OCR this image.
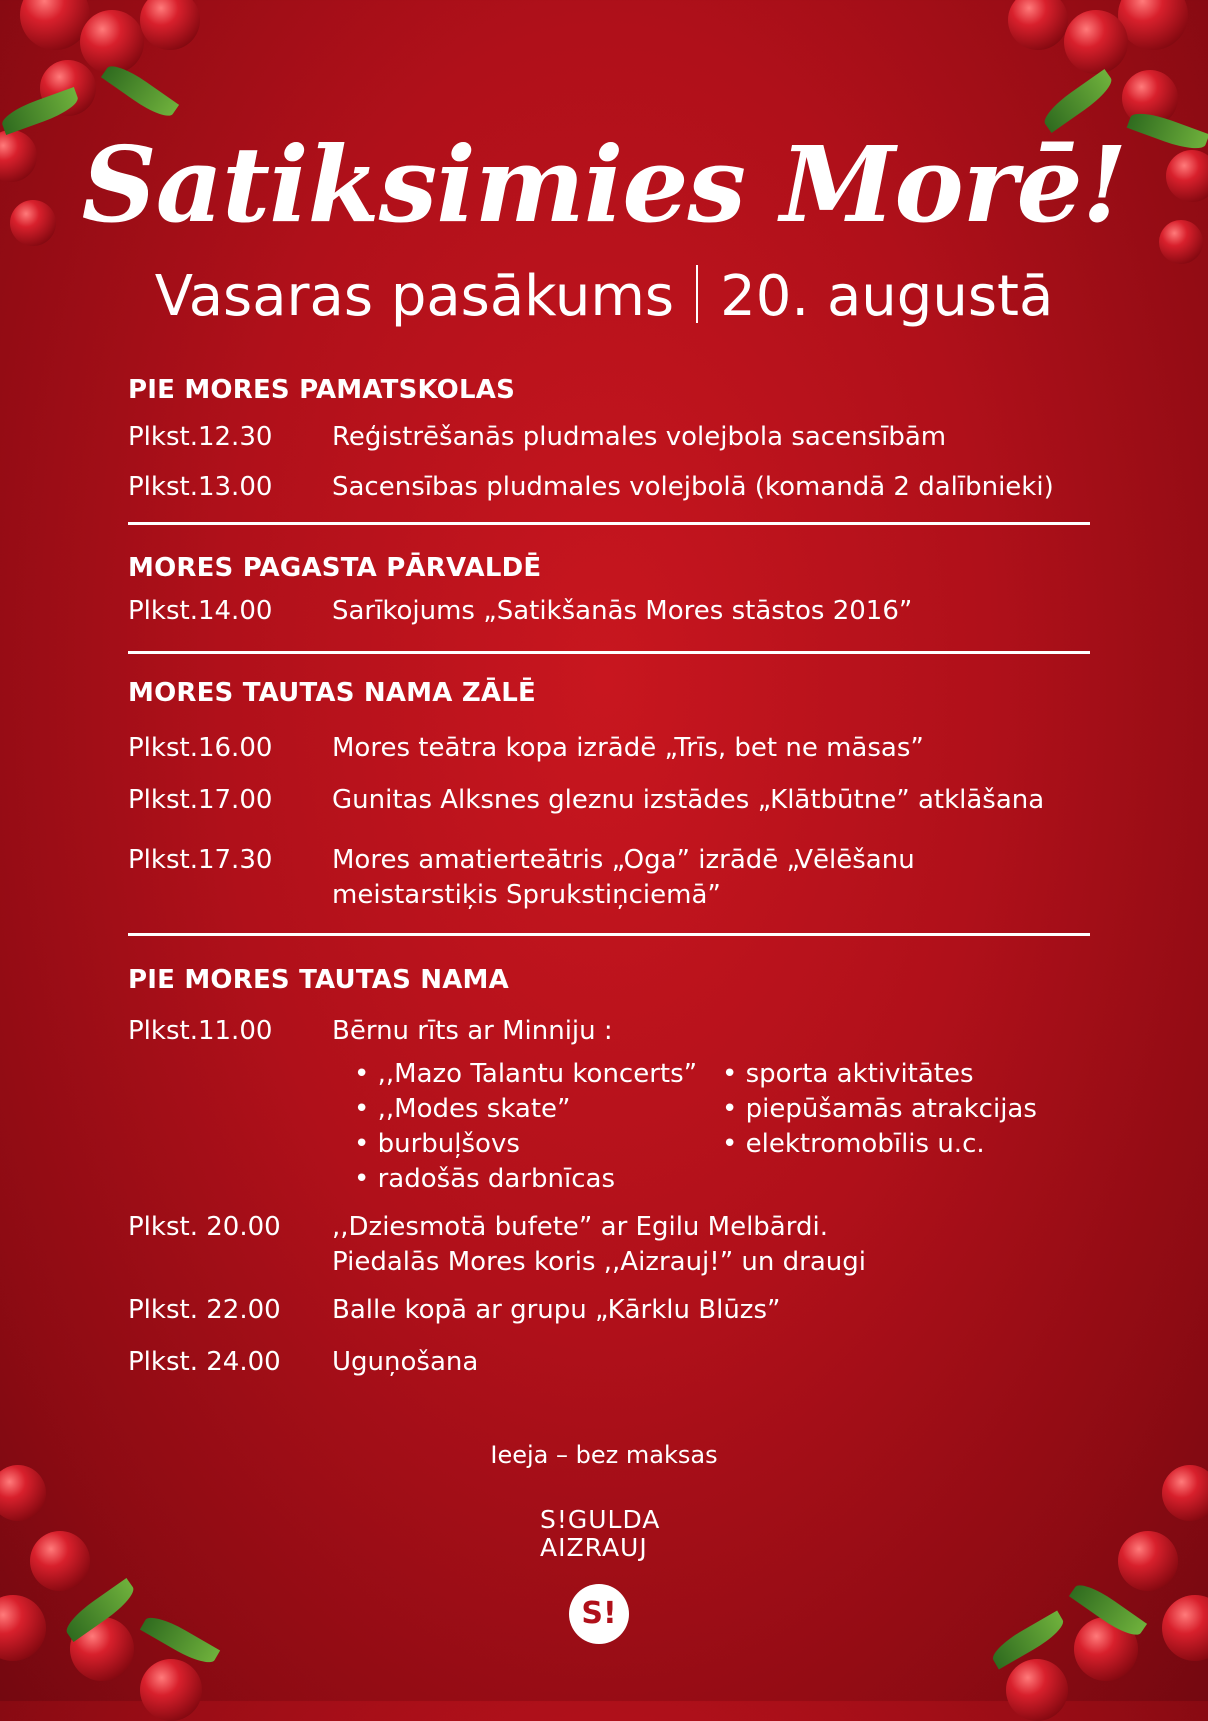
Satiksimies Morē!
Vasaras pasākums 20. augustā
PIE MORES PAMATSKOLAS
Plkst.12.30	Reģistrēšanās pludmales volejbola sacensībām
Plkst.13.00	Sacensības pludmales volejbolā (komandā 2 dalībnieki)
MORES PAGASTA PĀRVALDĒ
Plkst.14.00	Sarīkojums „Satikšanās Mores stāstos 2016”
MORES TAUTAS NAMA ZĀLĒ
Plkst.16.00	Mores teātra kopa izrādē „Trīs, bet ne māsas”
Plkst.17.00	Gunitas Alksnes gleznu izstādes „Klātbūtne” atklāšana
Plkst.17.30	Mores amatierteātris „Oga” izrādē „Vēlēšanu
meistarstiķis Sprukstiņciemā”
PIE MORES TAUTAS NAMA
Plkst.11.00	Bērnu rīts ar Minniju :
• ,,Mazo Talantu koncerts”
• ,,Modes skate”
• burbuļšovs
• radošās darbnīcas
• sporta aktivitātes
• piepūšamās atrakcijas
• elektromobīlis u.c.
Plkst. 20.00	,,Dziesmotā bufete” ar Egilu Melbārdi.
Piedalās Mores koris ,,Aizrauj!” un draugi
Plkst. 22.00	Balle kopā ar grupu „Kārklu Blūzs”
Plkst. 24.00	Uguņošana
Ieeja – bez maksas
S!GULDA
AIZRAUJ
S!
